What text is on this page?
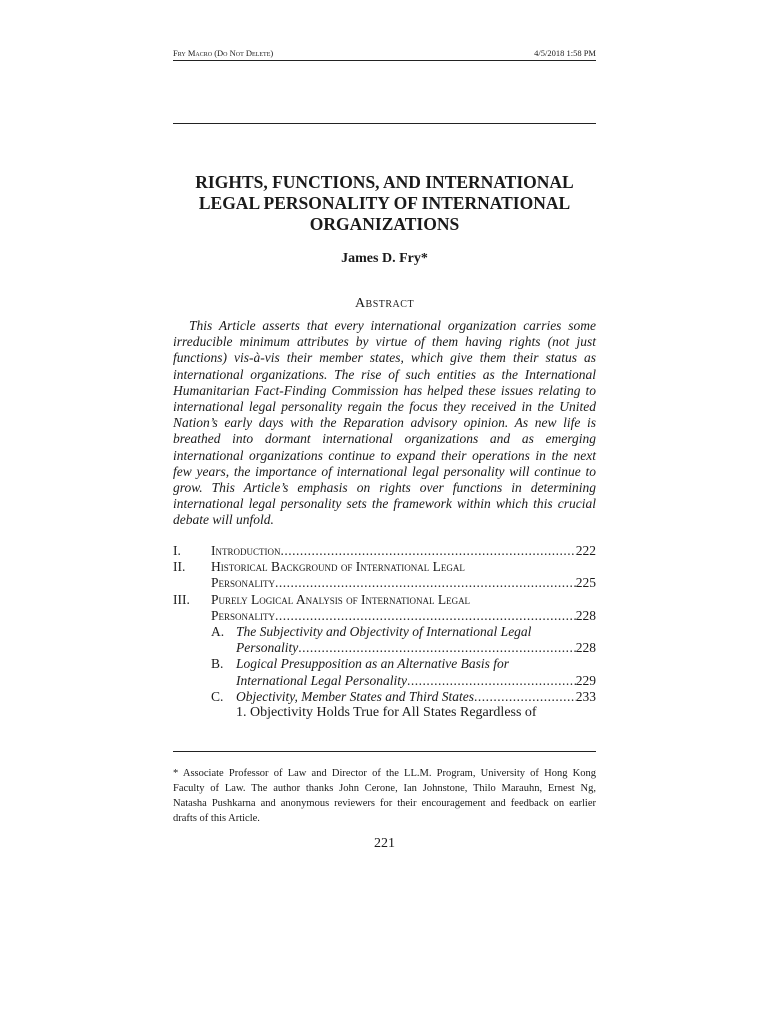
Fry Macro (Do Not Delete)	4/5/2018 1:58 PM
RIGHTS, FUNCTIONS, AND INTERNATIONAL
LEGAL PERSONALITY OF INTERNATIONAL
ORGANIZATIONS
James D. Fry*
Abstract
This Article asserts that every international organization carries some
irreducible minimum attributes by virtue of them having rights (not just
functions) vis-à-vis their member states, which give them their status as
international organizations. The rise of such entities as the International
Humanitarian Fact-Finding Commission has helped these issues relating to
international legal personality regain the focus they received in the United
Nation’s early days with the Reparation advisory opinion. As new life is
breathed into dormant international organizations and as emerging
international organizations continue to expand their operations in the next
few years, the importance of international legal personality will continue to
grow. This Article’s emphasis on rights over functions in determining
international legal personality sets the framework within which this crucial
debate will unfold.
I. Introduction .....	222
II. Historical Background of International Legal
Personality .....	225
III. Purely Logical Analysis of International Legal
Personality .....	228
A. The Subjectivity and Objectivity of International Legal
Personality .....	228
B. Logical Presupposition as an Alternative Basis for
International Legal Personality .....	229
C. Objectivity, Member States and Third States .....	233
1. Objectivity Holds True for All States Regardless of
* Associate Professor of Law and Director of the LL.M. Program, University of Hong Kong
Faculty of Law. The author thanks John Cerone, Ian Johnstone, Thilo Marauhn, Ernest Ng,
Natasha Pushkarna and anonymous reviewers for their encouragement and feedback on earlier
drafts of this Article.
221
